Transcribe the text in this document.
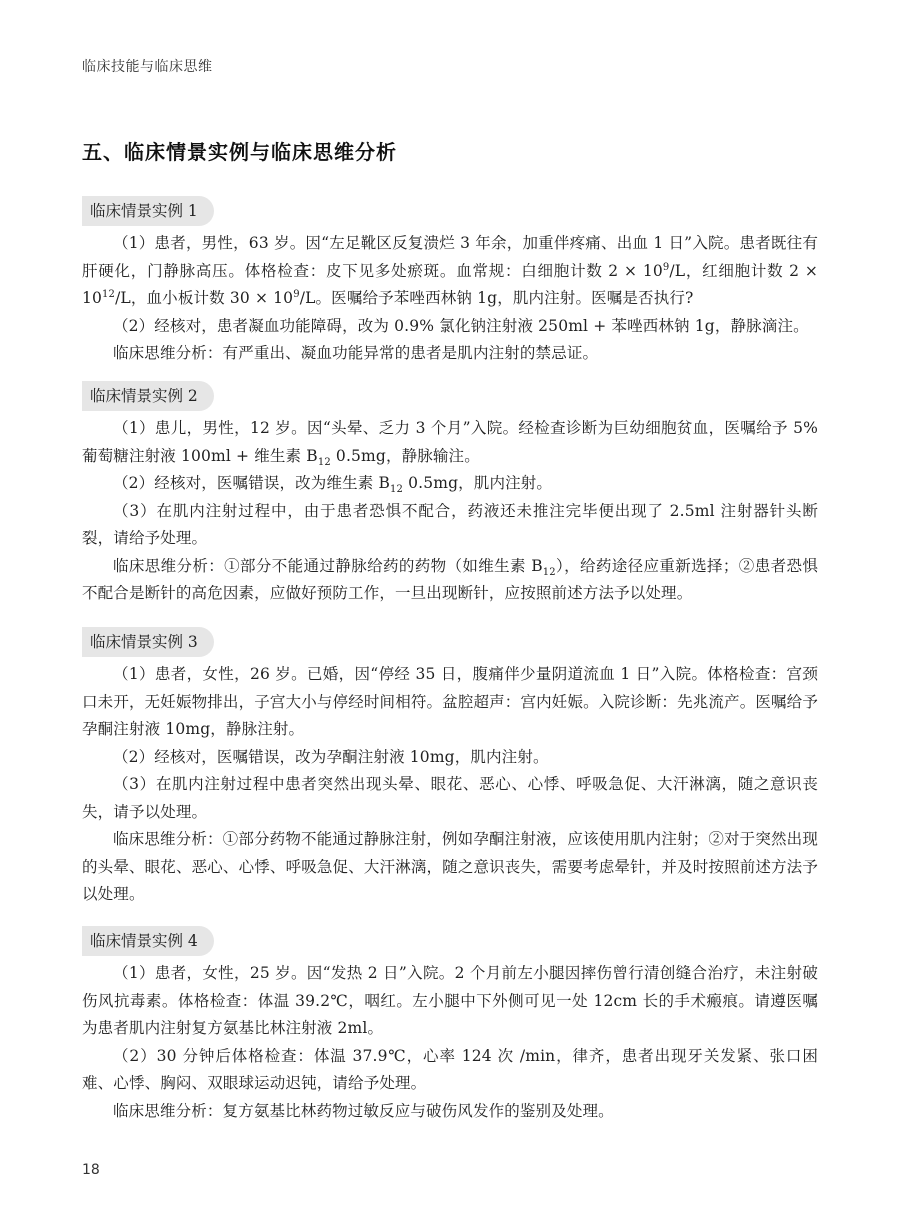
临床技能与临床思维
五、临床情景实例与临床思维分析
临床情景实例 1

（1）患者，男性，63 岁。因“左足靴区反复溃烂 3 年余，加重伴疼痛、出血 1 日”入院。患者既往有肝硬化，门静脉高压。体格检查：皮下见多处瘀斑。血常规：白细胞计数 $2 \times 10^9/L$，红细胞计数 $2 \times 10^{12}/L$，血小板计数 $30 \times 10^9/L$。医嘱给予苯唑西林钠 1g，肌内注射。医嘱是否执行?

（2）经核对，患者凝血功能障碍，改为 0.9% 氯化钠注射液 250ml + 苯唑西林钠 1g，静脉滴注。

临床思维分析：有严重出、凝血功能异常的患者是肌内注射的禁忌证。

临床情景实例 2

（1）患儿，男性，12 岁。因“头晕、乏力 3 个月”入院。经检查诊断为巨幼细胞贫血，医嘱给予 5% 葡萄糖注射液 100ml + 维生素 $B_{12}$ 0.5mg，静脉输注。

（2）经核对，医嘱错误，改为维生素 $B_{12}$ 0.5mg，肌内注射。

（3）在肌内注射过程中，由于患者恐惧不配合，药液还未推注完毕便出现了 2.5ml 注射器针头断裂，请给予处理。

临床思维分析：①部分不能通过静脉给药的药物（如维生素 $B_{12}$），给药途径应重新选择；②患者恐惧不配合是断针的高危因素，应做好预防工作，一旦出现断针，应按照前述方法予以处理。

临床情景实例 3

（1）患者，女性，26 岁。已婚，因“停经 35 日，腹痛伴少量阴道流血 1 日”入院。体格检查：宫颈口未开，无妊娠物排出，子宫大小与停经时间相符。盆腔超声：宫内妊娠。入院诊断：先兆流产。医嘱给予孕酮注射液 10mg，静脉注射。

（2）经核对，医嘱错误，改为孕酮注射液 10mg，肌内注射。

（3）在肌内注射过程中患者突然出现头晕、眼花、恶心、心悸、呼吸急促、大汗淋漓，随之意识丧失，请予以处理。

临床思维分析：①部分药物不能通过静脉注射，例如孕酮注射液，应该使用肌内注射；②对于突然出现的头晕、眼花、恶心、心悸、呼吸急促、大汗淋漓，随之意识丧失，需要考虑晕针，并及时按照前述方法予以处理。

临床情景实例 4

（1）患者，女性，25 岁。因“发热 2 日”入院。2 个月前左小腿因摔伤曾行清创缝合治疗，未注射破伤风抗毒素。体格检查：体温 39.2℃，咽红。左小腿中下外侧可见一处 12cm 长的手术瘢痕。请遵医嘱为患者肌内注射复方氨基比林注射液 2ml。

（2）30 分钟后体格检查：体温 37.9℃，心率 124 次 /min，律齐，患者出现牙关发紧、张口困难、心悸、胸闷、双眼球运动迟钝，请给予处理。

临床思维分析：复方氨基比林药物过敏反应与破伤风发作的鉴别及处理。

18
